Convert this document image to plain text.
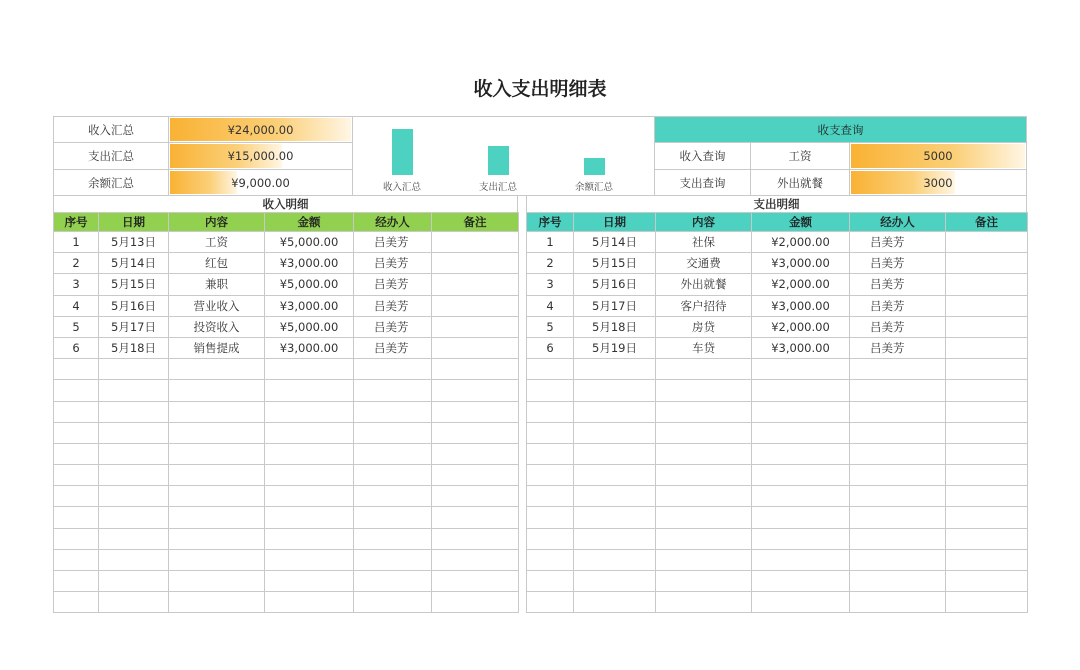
收入支出明细表
收入汇总	¥24,000.00
支出汇总	¥15,000.00
余额汇总	¥9,000.00	收入汇总	支出汇总	余额汇总
收支查询
收入查询	工资	5000
支出查询	外出就餐	3000
收入明细	支出明细
序号	日期	内容	金额	经办人	备注
1	5月13日	工资	¥5,000.00	吕美芳	
2	5月14日	红包	¥3,000.00	吕美芳	
3	5月15日	兼职	¥5,000.00	吕美芳	
4	5月16日	营业收入	¥3,000.00	吕美芳	
5	5月17日	投资收入	¥5,000.00	吕美芳	
6	5月18日	销售提成	¥3,000.00	吕美芳	

序号	日期	内容	金额	经办人	备注
1	5月14日	社保	¥2,000.00	吕美芳	
2	5月15日	交通费	¥3,000.00	吕美芳	
3	5月16日	外出就餐	¥2,000.00	吕美芳	
4	5月17日	客户招待	¥3,000.00	吕美芳	
5	5月18日	房贷	¥2,000.00	吕美芳	
6	5月19日	车贷	¥3,000.00	吕美芳	
